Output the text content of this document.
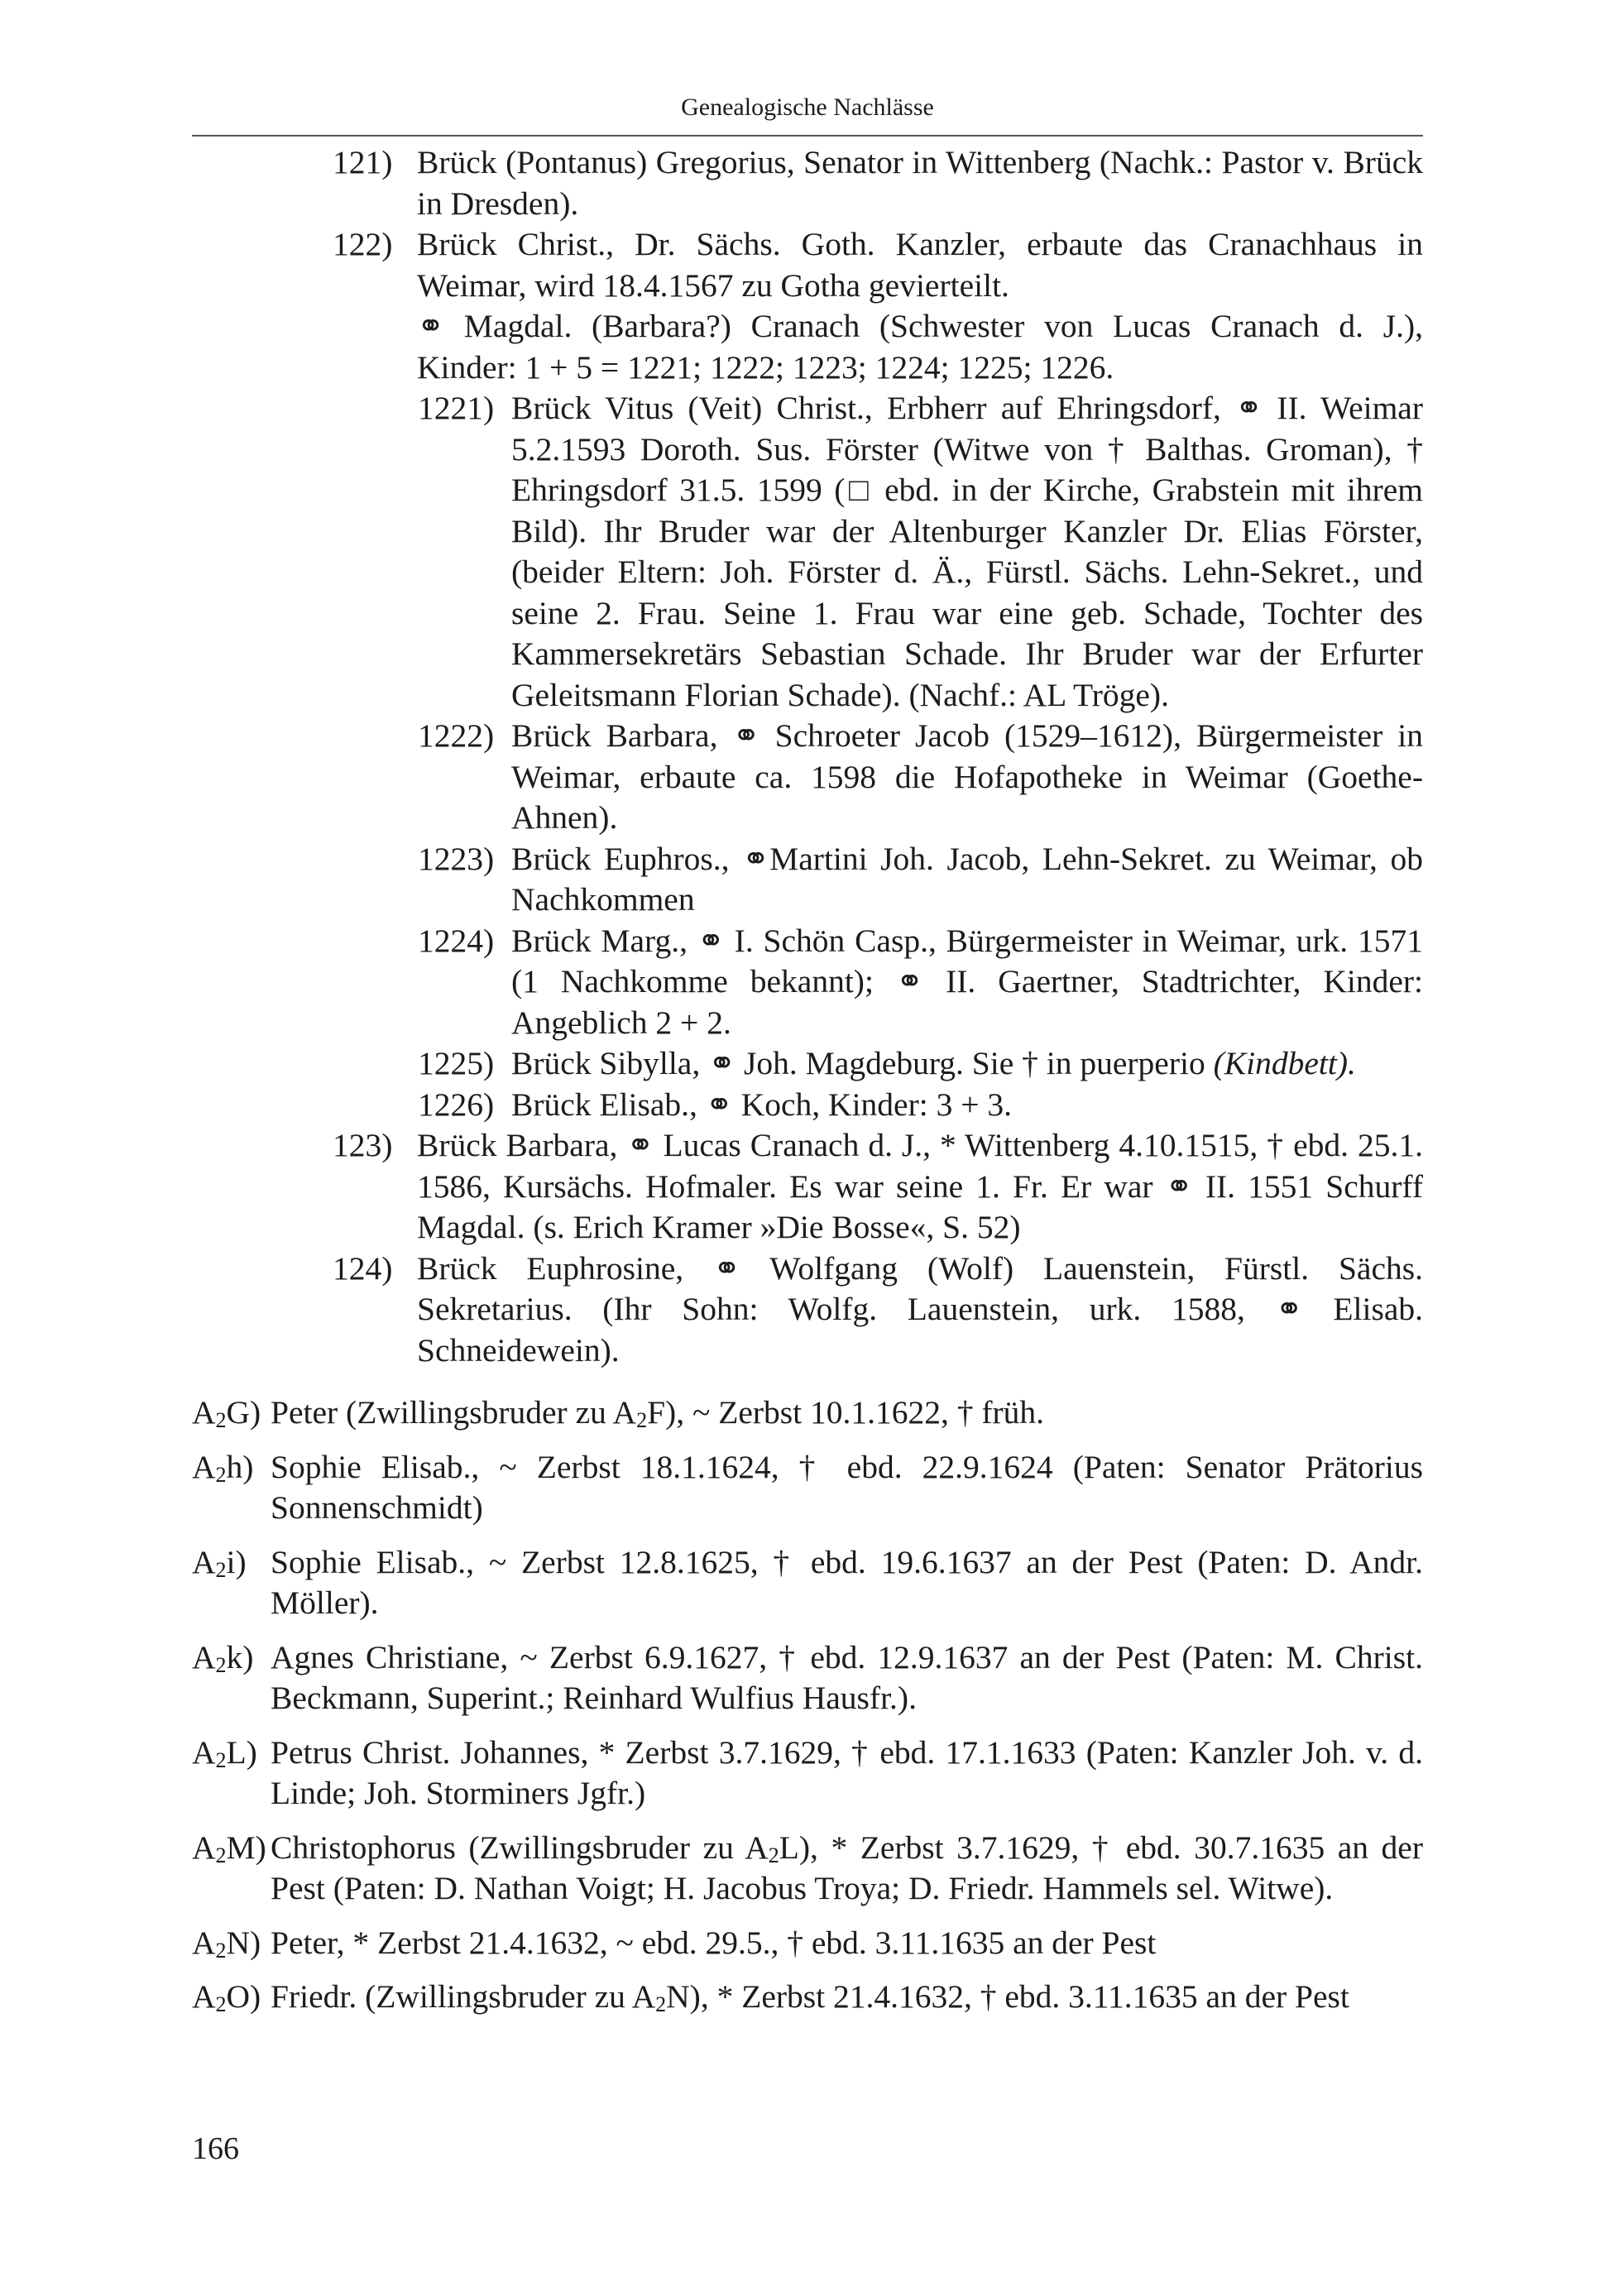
Genealogische Nachlässe
121) Brück (Pontanus) Gregorius, Senator in Wittenberg (Nachk.: Pastor v. Brück in Dresden).
122) Brück Christ., Dr. Sächs. Goth. Kanzler, erbaute das Cranachhaus in Weimar, wird 18.4.1567 zu Gotha gevierteilt.
⚭ Magdal. (Barbara?) Cranach (Schwester von Lucas Cranach d. J.), Kinder: 1 + 5 = 1221; 1222; 1223; 1224; 1225; 1226.
1221) Brück Vitus (Veit) Christ., Erbherr auf Ehringsdorf, ⚭ II. Weimar 5.2.1593 Doroth. Sus. Förster (Witwe von † Balthas. Groman), † Ehringsdorf 31.5. 1599 (□ ebd. in der Kirche, Grabstein mit ihrem Bild). Ihr Bruder war der Altenburger Kanzler Dr. Elias Förster, (beider Eltern: Joh. Förster d. Ä., Fürstl. Sächs. Lehn-Sekret., und seine 2. Frau. Seine 1. Frau war eine geb. Schade, Tochter des Kammersekretärs Sebastian Schade. Ihr Bruder war der Erfurter Geleitsmann Florian Schade). (Nachf.: AL Tröge).
1222) Brück Barbara, ⚭ Schroeter Jacob (1529–1612), Bürgermeister in Weimar, erbaute ca. 1598 die Hofapotheke in Weimar (Goethe-Ahnen).
1223) Brück Euphros., ⚭Martini Joh. Jacob, Lehn-Sekret. zu Weimar, ob Nachkommen
1224) Brück Marg., ⚭ I. Schön Casp., Bürgermeister in Weimar, urk. 1571 (1 Nachkomme bekannt); ⚭ II. Gaertner, Stadtrichter, Kinder: Angeblich 2 + 2.
1225) Brück Sibylla, ⚭ Joh. Magdeburg. Sie † in puerperio (Kindbett).
1226) Brück Elisab., ⚭ Koch, Kinder: 3 + 3.
123) Brück Barbara, ⚭ Lucas Cranach d. J., * Wittenberg 4.10.1515, † ebd. 25.1. 1586, Kursächs. Hofmaler. Es war seine 1. Fr. Er war ⚭ II. 1551 Schurff Magdal. (s. Erich Kramer »Die Bosse«, S. 52)
124) Brück Euphrosine, ⚭ Wolfgang (Wolf) Lauenstein, Fürstl. Sächs. Sekretarius. (Ihr Sohn: Wolfg. Lauenstein, urk. 1588, ⚭ Elisab. Schneidewein).
$A_2G$) Peter (Zwillingsbruder zu $A_2F$), ~ Zerbst 10.1.1622, † früh.
$A_2h$) Sophie Elisab., ~ Zerbst 18.1.1624, † ebd. 22.9.1624 (Paten: Senator Prätorius Sonnenschmidt)
$A_2i$) Sophie Elisab., ~ Zerbst 12.8.1625, † ebd. 19.6.1637 an der Pest (Paten: D. Andr. Möller).
$A_2k$) Agnes Christiane, ~ Zerbst 6.9.1627, † ebd. 12.9.1637 an der Pest (Paten: M. Christ. Beckmann, Superint.; Reinhard Wulfius Hausfr.).
$A_2L$) Petrus Christ. Johannes, * Zerbst 3.7.1629, † ebd. 17.1.1633 (Paten: Kanzler Joh. v. d. Linde; Joh. Storminers Jgfr.)
$A_2M$) Christophorus (Zwillingsbruder zu $A_2L$), * Zerbst 3.7.1629, † ebd. 30.7.1635 an der Pest (Paten: D. Nathan Voigt; H. Jacobus Troya; D. Friedr. Hammels sel. Witwe).
$A_2N$) Peter, * Zerbst 21.4.1632, ~ ebd. 29.5., † ebd. 3.11.1635 an der Pest
$A_2O$) Friedr. (Zwillingsbruder zu $A_2N$), * Zerbst 21.4.1632, † ebd. 3.11.1635 an der Pest
166
